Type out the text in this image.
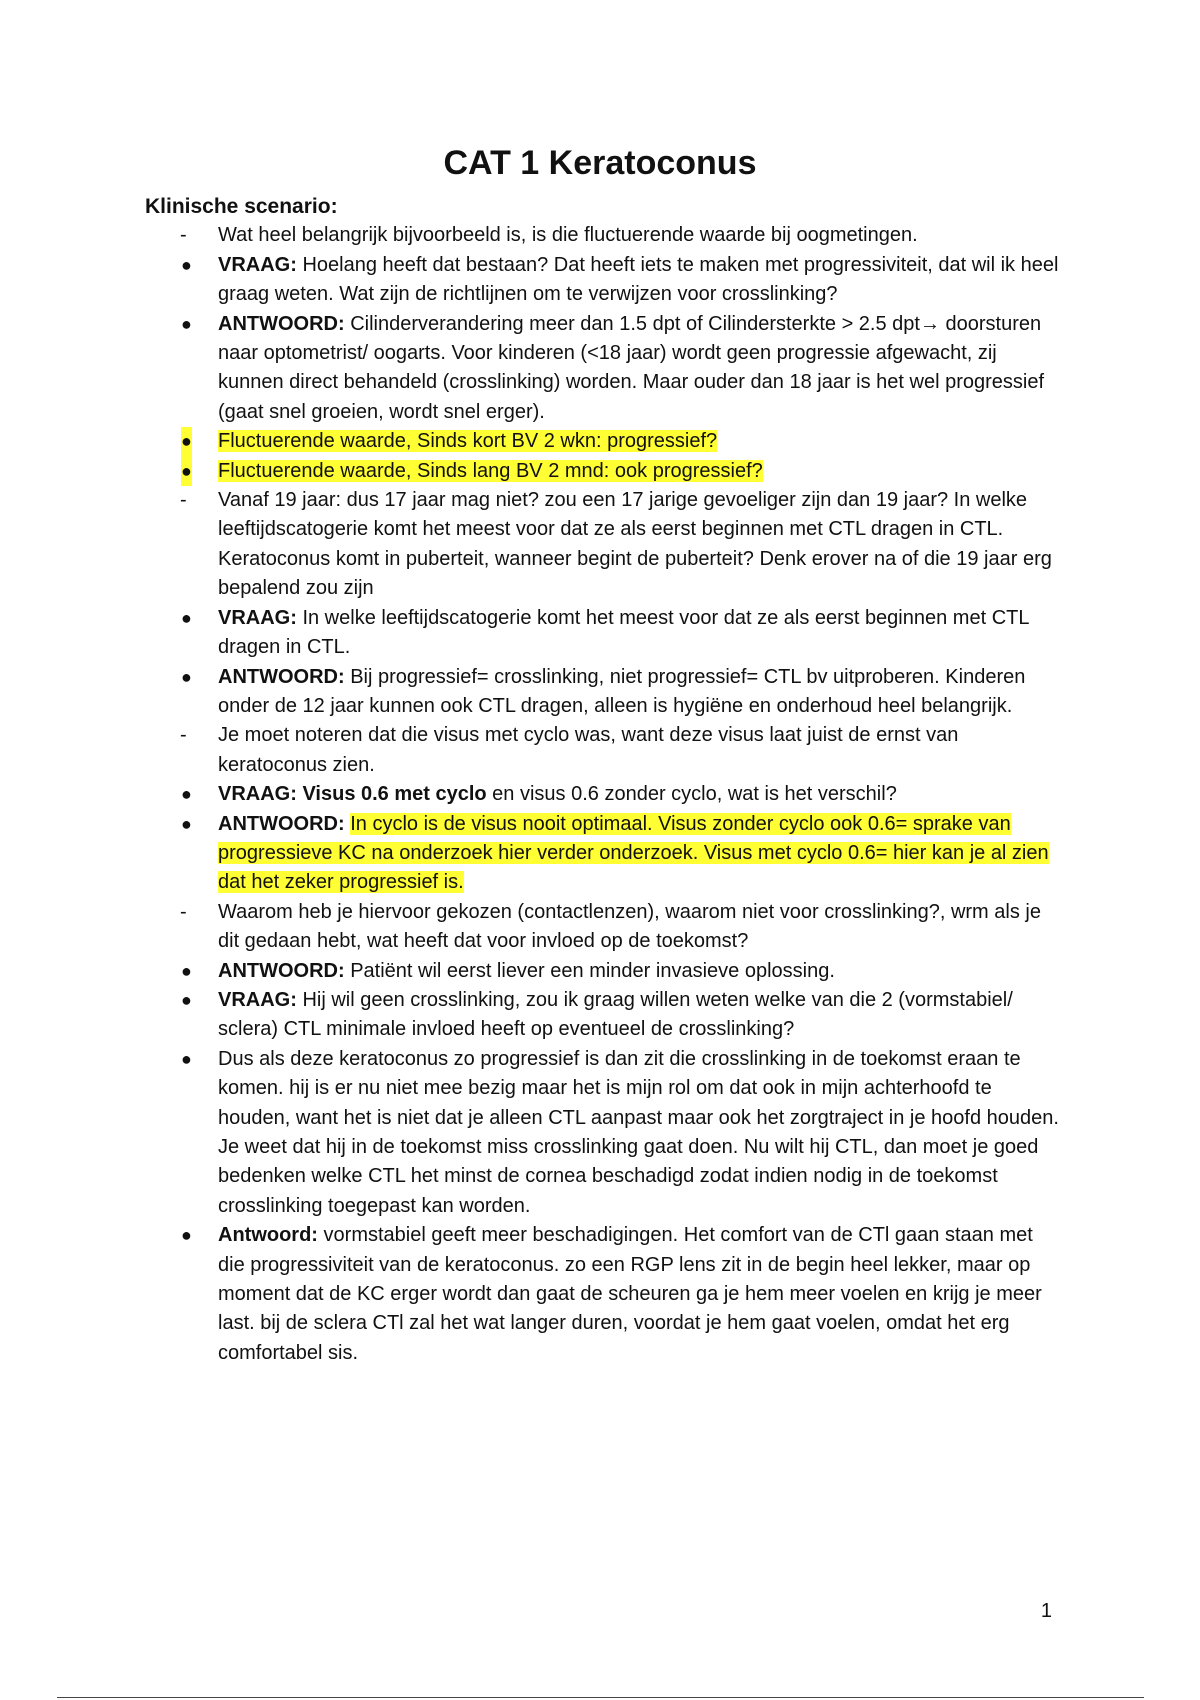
CAT 1 Keratoconus

Klinische scenario:

- Wat heel belangrijk bijvoorbeeld is, is die fluctuerende waarde bij oogmetingen.
● VRAAG: Hoelang heeft dat bestaan? Dat heeft iets te maken met progressiviteit, dat wil ik heel graag weten. Wat zijn de richtlijnen om te verwijzen voor crosslinking?
● ANTWOORD: Cilinderverandering meer dan 1.5 dpt of Cilindersterkte > 2.5 dpt→ doorsturen naar optometrist/ oogarts. Voor kinderen (<18 jaar) wordt geen progressie afgewacht, zij kunnen direct behandeld (crosslinking) worden. Maar ouder dan 18 jaar is het wel progressief (gaat snel groeien, wordt snel erger).
● Fluctuerende waarde, Sinds kort BV 2 wkn: progressief?
● Fluctuerende waarde, Sinds lang BV 2 mnd: ook progressief?
- Vanaf 19 jaar: dus 17 jaar mag niet? zou een 17 jarige gevoeliger zijn dan 19 jaar? In welke leeftijdscatogerie komt het meest voor dat ze als eerst beginnen met CTL dragen in CTL. Keratoconus komt in puberteit, wanneer begint de puberteit? Denk erover na of die 19 jaar erg bepalend zou zijn
● VRAAG: In welke leeftijdscatogerie komt het meest voor dat ze als eerst beginnen met CTL dragen in CTL.
● ANTWOORD: Bij progressief= crosslinking, niet progressief= CTL bv uitproberen. Kinderen onder de 12 jaar kunnen ook CTL dragen, alleen is hygiëne en onderhoud heel belangrijk.
- Je moet noteren dat die visus met cyclo was, want deze visus laat juist de ernst van keratoconus zien.
● VRAAG: Visus 0.6 met cyclo en visus 0.6 zonder cyclo, wat is het verschil?
● ANTWOORD: In cyclo is de visus nooit optimaal. Visus zonder cyclo ook 0.6= sprake van progressieve KC na onderzoek hier verder onderzoek. Visus met cyclo 0.6= hier kan je al zien dat het zeker progressief is.
- Waarom heb je hiervoor gekozen (contactlenzen), waarom niet voor crosslinking?, wrm als je dit gedaan hebt, wat heeft dat voor invloed op de toekomst?
● ANTWOORD: Patiënt wil eerst liever een minder invasieve oplossing.
● VRAAG: Hij wil geen crosslinking, zou ik graag willen weten welke van die 2 (vormstabiel/ sclera) CTL minimale invloed heeft op eventueel de crosslinking?
● Dus als deze keratoconus zo progressief is dan zit die crosslinking in de toekomst eraan te komen. hij is er nu niet mee bezig maar het is mijn rol om dat ook in mijn achterhoofd te houden, want het is niet dat je alleen CTL aanpast maar ook het zorgtraject in je hoofd houden. Je weet dat hij in de toekomst miss crosslinking gaat doen. Nu wilt hij CTL, dan moet je goed bedenken welke CTL het minst de cornea beschadigd zodat indien nodig in de toekomst crosslinking toegepast kan worden.
● Antwoord: vormstabiel geeft meer beschadigingen. Het comfort van de CTl gaan staan met die progressiviteit van de keratoconus. zo een RGP lens zit in de begin heel lekker, maar op moment dat de KC erger wordt dan gaat de scheuren ga je hem meer voelen en krijg je meer last. bij de sclera CTl zal het wat langer duren, voordat je hem gaat voelen, omdat het erg comfortabel sis.
1
